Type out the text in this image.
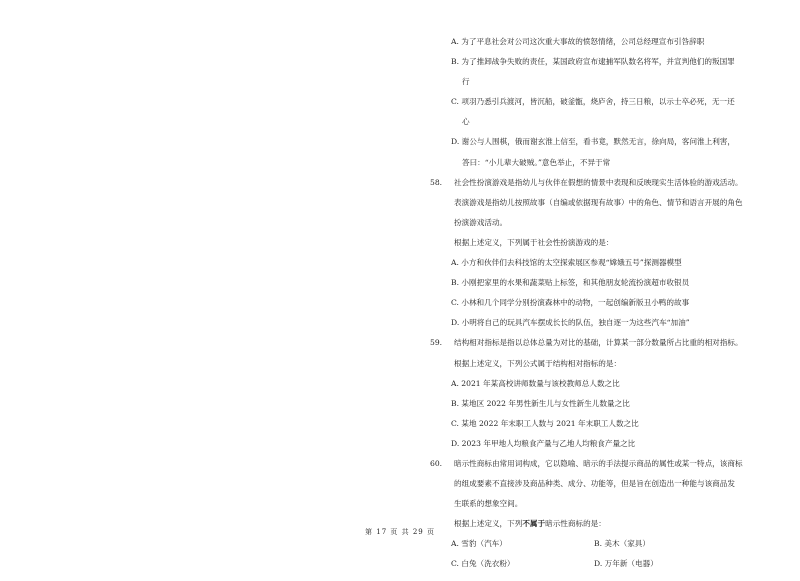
A. 为了平息社会对公司这次重大事故的愤怒情绪，公司总经理宣布引咎辞职
B. 为了推卸战争失败的责任，某国政府宣布逮捕军队数名将军，并宣判他们的叛国罪
行
C. 项羽乃悉引兵渡河，皆沉船，破釜甑，烧庐舍，持三日粮，以示士卒必死，无一还
心
D. 谢公与人围棋，俄而谢玄淮上信至，看书竟，默然无言，徐向局，客问淮上利害，
答曰：“小儿辈大破贼。”意色举止，不异于常
58. 社会性扮演游戏是指幼儿与伙伴在假想的情景中表现和反映现实生活体验的游戏活动。
表演游戏是指幼儿按照故事（自编或依据现有故事）中的角色、情节和语言开展的角色
扮演游戏活动。
根据上述定义，下列属于社会性扮演游戏的是：
A. 小方和伙伴们去科技馆的太空探索展区参观“嫦娥五号”探测器模型
B. 小刚把家里的水果和蔬菜贴上标签，和其他朋友轮流扮演超市收银员
C. 小林和几个同学分别扮演森林中的动物，一起创编新版丑小鸭的故事
D. 小明将自己的玩具汽车摆成长长的队伍，独自逐一为这些汽车“加油”
59. 结构相对指标是指以总体总量为对比的基础，计算某一部分数量所占比重的相对指标。
根据上述定义，下列公式属于结构相对指标的是：
A. 2021 年某高校讲师数量与该校教师总人数之比
B. 某地区 2022 年男性新生儿与女性新生儿数量之比
C. 某地 2022 年末职工人数与 2021 年末职工人数之比
D. 2023 年甲地人均粮食产量与乙地人均粮食产量之比
60. 暗示性商标由常用词构成，它以隐喻、暗示的手法提示商品的属性或某一特点，该商标
的组成要素不直接涉及商品种类、成分、功能等，但是旨在创造出一种能与该商品发
生联系的想象空间。
根据上述定义，下列不属于暗示性商标的是：
A. 雪豹（汽车）	B. 美木（家具）
C. 白兔（洗衣粉）	D. 万年新（电器）
第 17 页 共 29 页
